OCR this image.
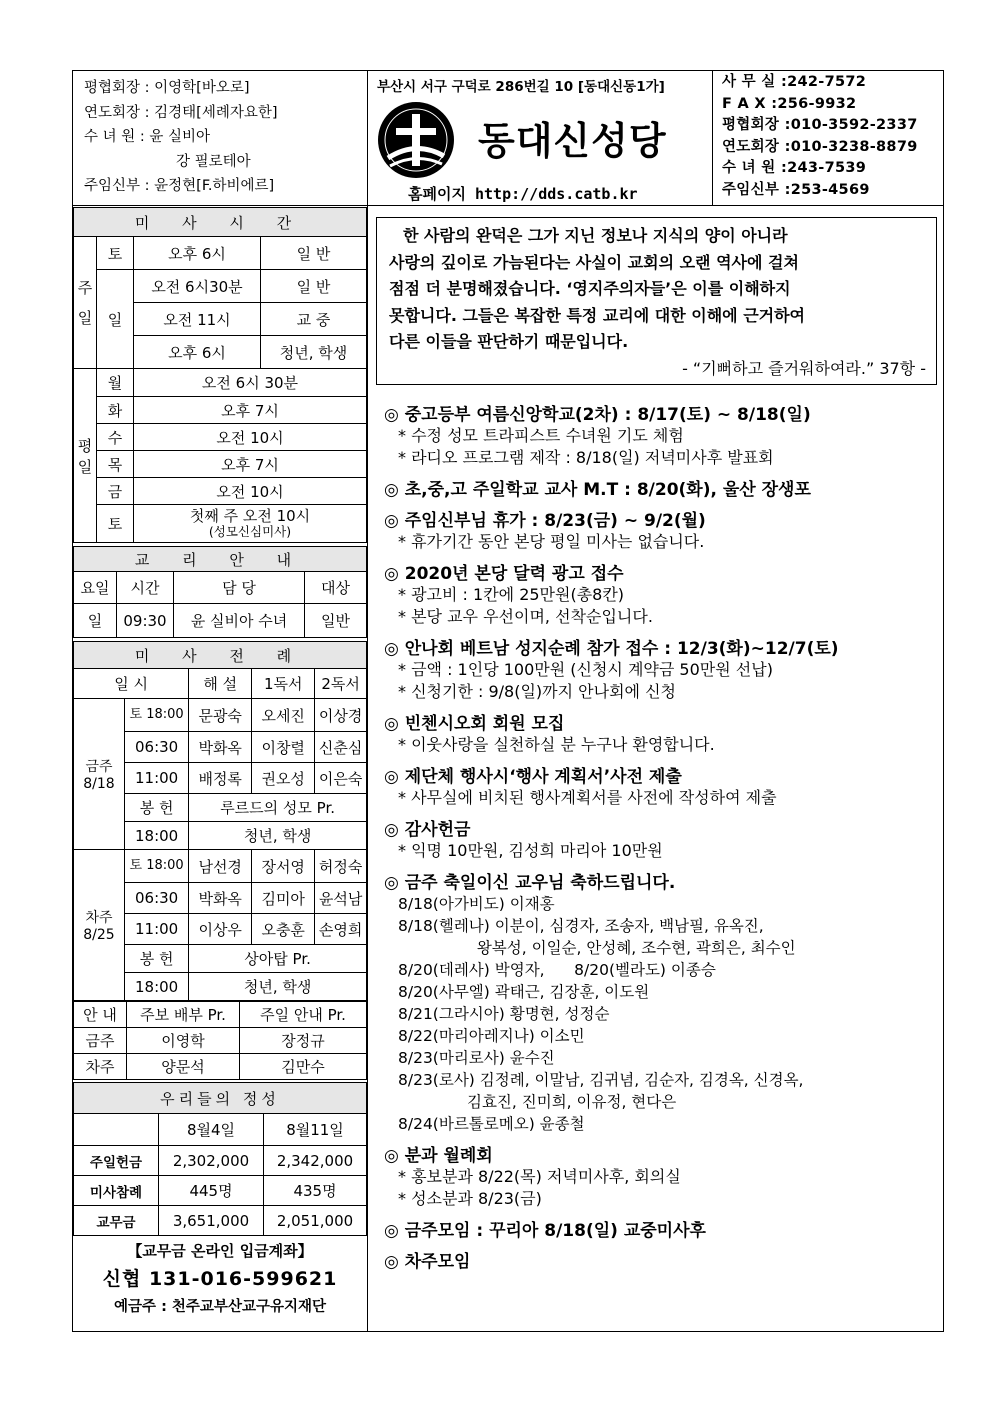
평협회장 : 이영학[바오로]
연도회장 : 김경태[세례자요한]
수 녀 원 : 윤 실비아
강 필로테아
주임신부 : 윤정현[F.하비에르]
부산시 서구 구덕로 286번길 10 [동대신동1가]
동대신성당
홈페이지 http://dds.catb.kr
사 무 실 :242-7572
F A X :256-9932
평협회장 :010-3592-2337
연도회장 :010-3238-8879
수 녀 원 :243-7539
주임신부 :253-4569
미 사 시 간			
주일	토	오후 6시	일 반
	일	오전 6시30분	일 반
		오전 11시	교 중
		오후 6시	청년, 학생
평일	월	오전 6시 30분	
	화	오후 7시	
	수	오전 10시	
	목	오후 7시	
	금	오전 10시	
	토	첫째 주 오전 10시
(성모신심미사)	
교 리 안 내			
요일	시간	담 당	대상
일	09:30	윤 실비아 수녀	일반
미 사 전 례				
일 시		해 설	1독서	2독서

금주
8/18	토 18:00	문광숙	오세진	이상경
	06:30	박화옥	이창렬	신춘심
	11:00	배정록	권오성	이은숙
	봉 헌	루르드의 성모 Pr.		
	18:00	청년, 학생		

차주
8/25	토 18:00	남선경	장서영	허정숙
	06:30	박화옥	김미아	윤석남
	11:00	이상우	오충훈	손영희
	봉 헌	상아탑 Pr.		
	18:00	청년, 학생		
안 내	주보 배부 Pr.	주일 안내 Pr.
금주	이영학	장정규
차주	양문석	김만수
우리들의 정성		
	8월4일	8월11일
주일헌금	2,302,000	2,342,000
미사참례	445명	435명
교무금	3,651,000	2,051,000
【교무금 온라인 입금계좌】
신협 131-016-599621
예금주 : 천주교부산교구유지재단
한 사람의 완덕은 그가 지닌 정보나 지식의 양이 아니라
사랑의 깊이로 가늠된다는 사실이 교회의 오랜 역사에 걸쳐
점점 더 분명해졌습니다. ‘영지주의자들’은 이를 이해하지
못합니다. 그들은 복잡한 특정 교리에 대한 이해에 근거하여
다른 이들을 판단하기 때문입니다.
- “기뻐하고 즐거워하여라.” 37항 -
◎ 중고등부 여름신앙학교(2차) : 8/17(토) ~ 8/18(일)
* 수정 성모 트라피스트 수녀원 기도 체험
* 라디오 프로그램 제작 : 8/18(일) 저녁미사후 발표회
◎ 초,중,고 주일학교 교사 M.T : 8/20(화), 울산 장생포
◎ 주임신부님 휴가 : 8/23(금) ~ 9/2(월)
* 휴가기간 동안 본당 평일 미사는 없습니다.
◎ 2020년 본당 달력 광고 접수
* 광고비 : 1칸에 25만원(총8칸)
* 본당 교우 우선이며, 선착순입니다.
◎ 안나회 베트남 성지순례 참가 접수 : 12/3(화)~12/7(토)
* 금액 : 1인당 100만원 (신청시 계약금 50만원 선납)
* 신청기한 : 9/8(일)까지 안나회에 신청
◎ 빈첸시오회 회원 모집
* 이웃사랑을 실천하실 분 누구나 환영합니다.
◎ 제단체 행사시‘행사 계획서’사전 제출
* 사무실에 비치된 행사계획서를 사전에 작성하여 제출
◎ 감사헌금
* 익명 10만원, 김성희 마리아 10만원
◎ 금주 축일이신 교우님 축하드립니다.
8/18(아가비도) 이재홍
8/18(헬레나) 이분이, 심경자, 조송자, 백남필, 유옥진,
왕복성, 이일순, 안성혜, 조수현, 곽희은, 최수인
8/20(데레사) 박영자,      8/20(벨라도) 이종승
8/20(사무엘) 곽태근, 김장훈, 이도원
8/21(그라시아) 황명현, 성정순
8/22(마리아레지나) 이소민
8/23(마리로사) 윤수진
8/23(로사) 김정례, 이말남, 김귀념, 김순자, 김경옥, 신경옥,
김효진, 진미희, 이유정, 현다은
8/24(바르톨로메오) 윤종철
◎ 분과 월례회
* 홍보분과 8/22(목) 저녁미사후, 회의실
* 성소분과 8/23(금)
◎ 금주모임 : 꾸리아 8/18(일) 교중미사후
◎ 차주모임
